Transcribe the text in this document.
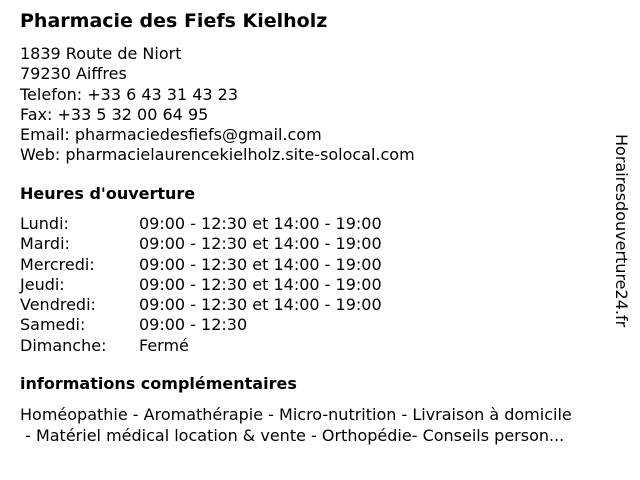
Pharmacie des Fiefs Kielholz
1839 Route de Niort
79230 Aiffres
Telefon: +33 6 43 31 43 23
Fax: +33 5 32 00 64 95
Email: pharmaciedesfiefs@gmail.com
Web: pharmacielaurencekielholz.site-solocal.com
Heures d'ouverture
Lundi:	09:00 - 12:30 et 14:00 - 19:00
Mardi:	09:00 - 12:30 et 14:00 - 19:00
Mercredi:	09:00 - 12:30 et 14:00 - 19:00
Jeudi:	09:00 - 12:30 et 14:00 - 19:00
Vendredi:	09:00 - 12:30 et 14:00 - 19:00
Samedi:	09:00 - 12:30
Dimanche:	Fermé
informations complémentaires
Homéopathie - Aromathérapie - Micro-nutrition - Livraison à domicile
- Matériel médical location & vente - Orthopédie- Conseils person...
Horairesdouverture24.fr
